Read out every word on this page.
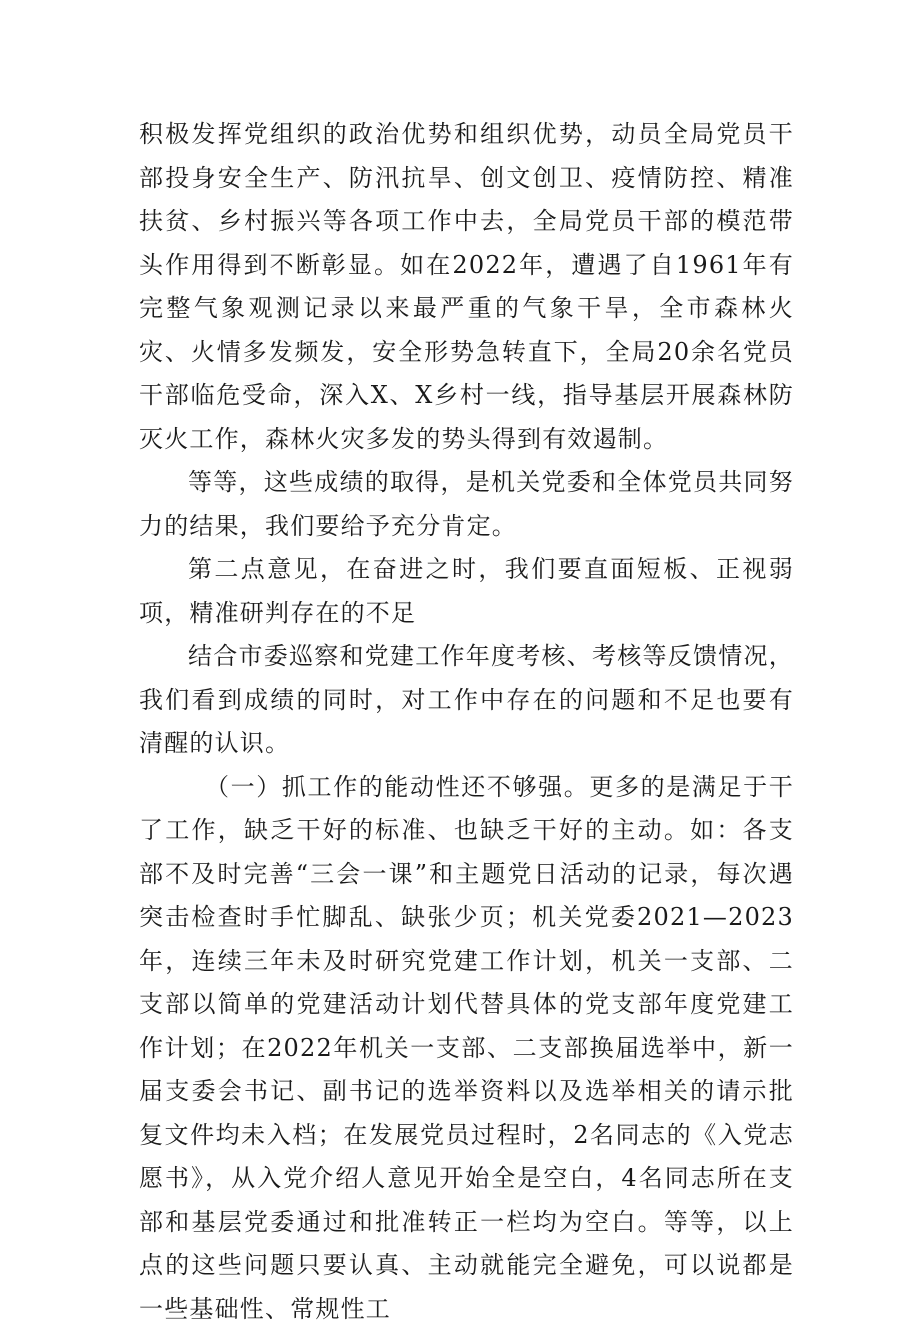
积极发挥党组织的政治优势和组织优势，动员全局党员干部投身安全生产、防汛抗旱、创文创卫、疫情防控、精准扶贫、乡村振兴等各项工作中去，全局党员干部的模范带头作用得到不断彰显。如在2022年，遭遇了自1961年有完整气象观测记录以来最严重的气象干旱，全市森林火灾、火情多发频发，安全形势急转直下，全局20余名党员干部临危受命，深入X、X乡村一线，指导基层开展森林防灭火工作，森林火灾多发的势头得到有效遏制。

等等，这些成绩的取得，是机关党委和全体党员共同努力的结果，我们要给予充分肯定。

第二点意见，在奋进之时，我们要直面短板、正视弱项，精准研判存在的不足

结合市委巡察和党建工作年度考核、考核等反馈情况，我们看到成绩的同时，对工作中存在的问题和不足也要有清醒的认识。

（一）抓工作的能动性还不够强。更多的是满足于干了工作，缺乏干好的标准、也缺乏干好的主动。如：各支部不及时完善“三会一课”和主题党日活动的记录，每次遇突击检查时手忙脚乱、缺张少页；机关党委2021—2023年，连续三年未及时研究党建工作计划，机关一支部、二支部以简单的党建活动计划代替具体的党支部年度党建工作计划；在2022年机关一支部、二支部换届选举中，新一届支委会书记、副书记的选举资料以及选举相关的请示批复文件均未入档；在发展党员过程时，2名同志的《入党志愿书》，从入党介绍人意见开始全是空白，4名同志所在支部和基层党委通过和批准转正一栏均为空白。等等，以上点的这些问题只要认真、主动就能完全避免，可以说都是一些基础性、常规性工
